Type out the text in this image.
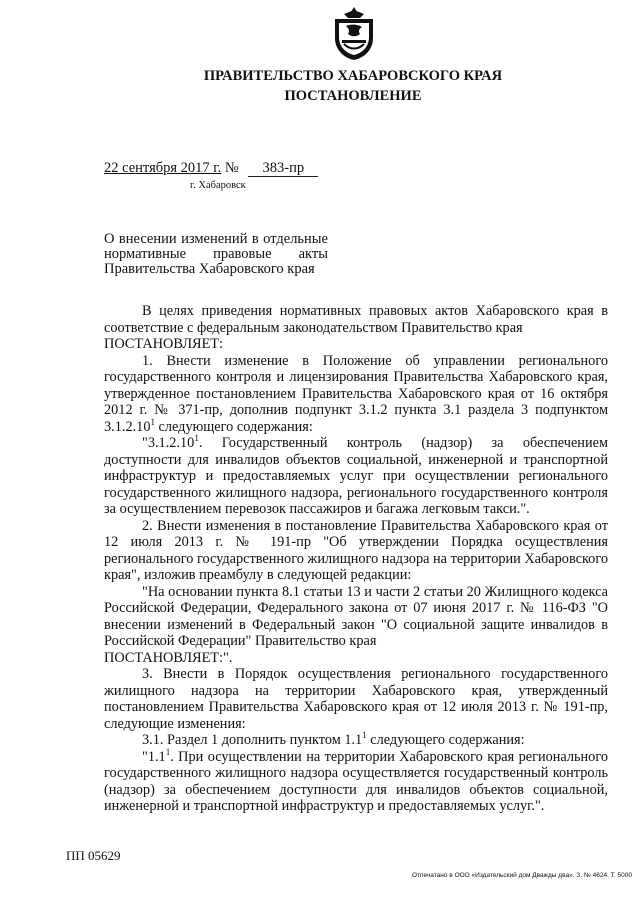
ПРАВИТЕЛЬСТВО ХАБАРОВСКОГО КРАЯ
ПОСТАНОВЛЕНИЕ
22 сентября 2017 г. № 383-пр
г. Хабаровск
О внесении изменений в отдельные нормативные правовые акты Правительства Хабаровского края

В целях приведения нормативных правовых актов Хабаровского края в соответствие с федеральным законодательством Правительство края

ПОСТАНОВЛЯЕТ:

1. Внести изменение в Положение об управлении регионального государственного контроля и лицензирования Правительства Хабаровского края, утвержденное постановлением Правительства Хабаровского края от 16 октября 2012 г. № 371-пр, дополнив подпункт 3.1.2 пункта 3.1 раздела 3 подпунктом 3.1.2.10$^1$ следующего содержания:

"3.1.2.10$^1$. Государственный контроль (надзор) за обеспечением доступности для инвалидов объектов социальной, инженерной и транспортной инфраструктур и предоставляемых услуг при осуществлении регионального государственного жилищного надзора, регионального государственного контроля за осуществлением перевозок пассажиров и багажа легковым такси.".

2. Внести изменения в постановление Правительства Хабаровского края от 12 июля 2013 г. № 191-пр "Об утверждении Порядка осуществления регионального государственного жилищного надзора на территории Хабаровского края", изложив преамбулу в следующей редакции:

"На основании пункта 8.1 статьи 13 и части 2 статьи 20 Жилищного кодекса Российской Федерации, Федерального закона от 07 июня 2017 г. № 116-ФЗ "О внесении изменений в Федеральный закон "О социальной защите инвалидов в Российской Федерации" Правительство края

ПОСТАНОВЛЯЕТ:".

3. Внести в Порядок осуществления регионального государственного жилищного надзора на территории Хабаровского края, утвержденный постановлением Правительства Хабаровского края от 12 июля 2013 г. № 191-пр, следующие изменения:

3.1. Раздел 1 дополнить пунктом $1.1^1$ следующего содержания:

"$1.1^1$. При осуществлении на территории Хабаровского края регионального государственного жилищного надзора осуществляется государственный контроль (надзор) за обеспечением доступности для инвалидов объектов социальной, инженерной и транспортной инфраструктур и предоставляемых услуг.".

ПП 05629
Отпечатано в ООО «Издательский дом Дважды два». З. № 4624. Т. 5000
